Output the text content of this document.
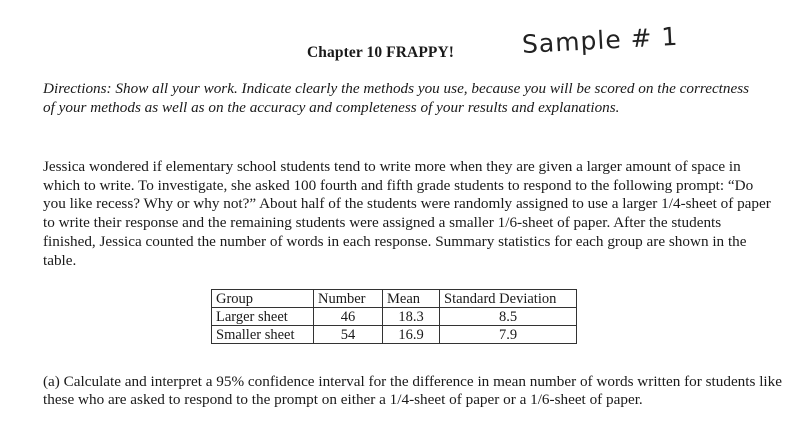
Chapter 10 FRAPPY!	Sample # 1
Directions: Show all your work. Indicate clearly the methods you use, because you will be scored on the correctness of your methods as well as on the accuracy and completeness of your results and explanations.
Jessica wondered if elementary school students tend to write more when they are given a larger amount of space in which to write. To investigate, she asked 100 fourth and fifth grade students to respond to the following prompt: “Do you like recess? Why or why not?” About half of the students were randomly assigned to use a larger 1/4-sheet of paper to write their response and the remaining students were assigned a smaller 1/6-sheet of paper. After the students finished, Jessica counted the number of words in each response. Summary statistics for each group are shown in the table.
Group	Number	Mean	Standard Deviation
Larger sheet	46	18.3	8.5
Smaller sheet	54	16.9	7.9
(a) Calculate and interpret a 95% confidence interval for the difference in mean number of words written for students like these who are asked to respond to the prompt on either a 1/4-sheet of paper or a 1/6-sheet of paper.
